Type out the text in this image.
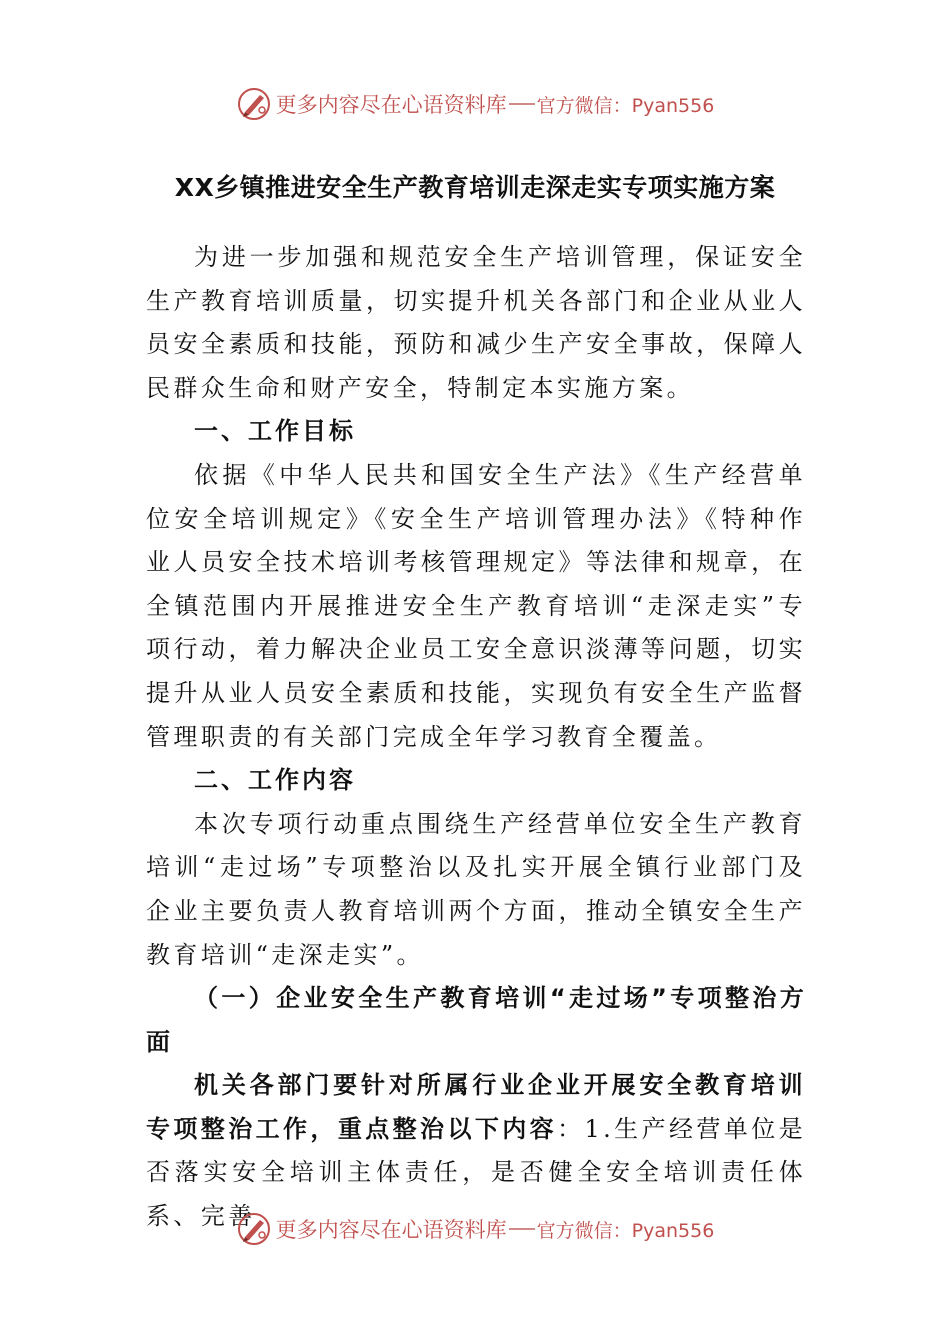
更多内容尽在心语资料库 官方微信：Pyan556
XX乡镇推进安全生产教育培训走深走实专项实施方案

为进一步加强和规范安全生产培训管理，保证安全生产教育培训质量，切实提升机关各部门和企业从业人员安全素质和技能，预防和减少生产安全事故，保障人民群众生命和财产安全，特制定本实施方案。

一、工作目标

依据《中华人民共和国安全生产法》《生产经营单位安全培训规定》《安全生产培训管理办法》《特种作业人员安全技术培训考核管理规定》等法律和规章，在全镇范围内开展推进安全生产教育培训“走深走实”专项行动，着力解决企业员工安全意识淡薄等问题，切实提升从业人员安全素质和技能，实现负有安全生产监督管理职责的有关部门完成全年学习教育全覆盖。

二、工作内容

本次专项行动重点围绕生产经营单位安全生产教育培训“走过场”专项整治以及扎实开展全镇行业部门及企业主要负责人教育培训两个方面，推动全镇安全生产教育培训“走深走实”。

（一）企业安全生产教育培训“走过场”专项整治方面

机关各部门要针对所属行业企业开展安全教育培训专项整治工作，重点整治以下内容：1.生产经营单位是否落实安全培训主体责任，是否健全安全培训责任体系、完善 更多内容尽在心语资料库 官方微信：Pyan556
